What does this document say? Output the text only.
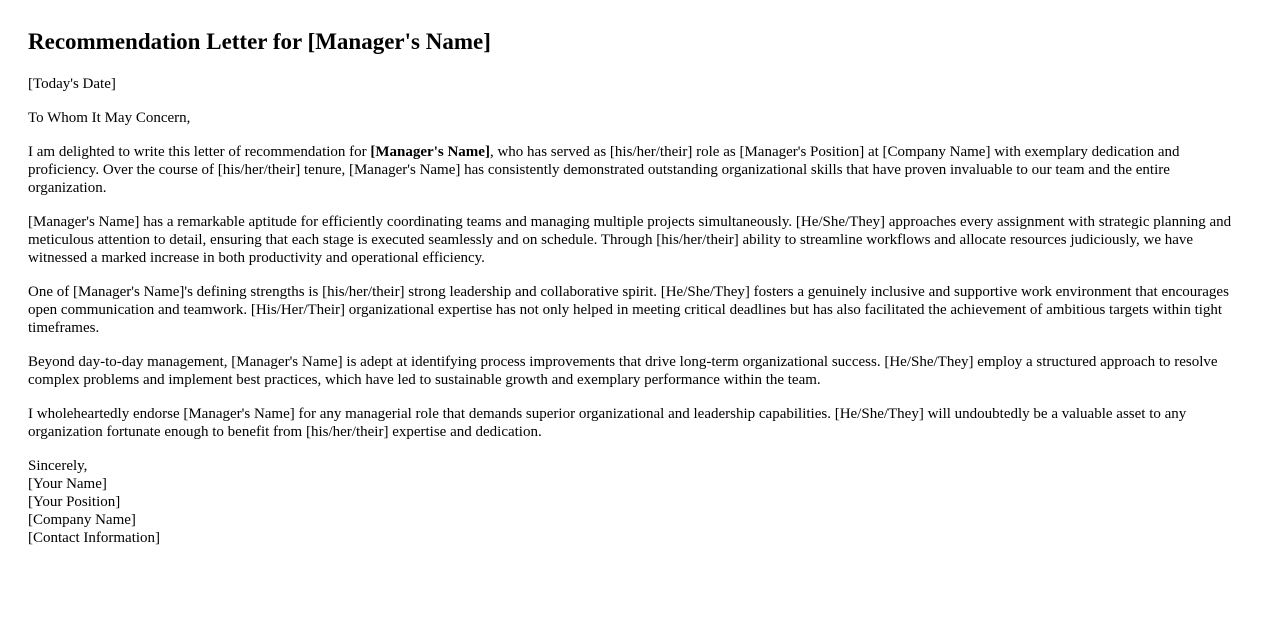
Recommendation Letter for [Manager's Name]

[Today's Date]

To Whom It May Concern,

I am delighted to write this letter of recommendation for [Manager's Name], who has served as [his/her/their] role as [Manager's Position] at [Company Name] with exemplary dedication and proficiency. Over the course of [his/her/their] tenure, [Manager's Name] has consistently demonstrated outstanding organizational skills that have proven invaluable to our team and the entire organization.

[Manager's Name] has a remarkable aptitude for efficiently coordinating teams and managing multiple projects simultaneously. [He/She/They] approaches every assignment with strategic planning and meticulous attention to detail, ensuring that each stage is executed seamlessly and on schedule. Through [his/her/their] ability to streamline workflows and allocate resources judiciously, we have witnessed a marked increase in both productivity and operational efficiency.

One of [Manager's Name]'s defining strengths is [his/her/their] strong leadership and collaborative spirit. [He/She/They] fosters a genuinely inclusive and supportive work environment that encourages open communication and teamwork. [His/Her/Their] organizational expertise has not only helped in meeting critical deadlines but has also facilitated the achievement of ambitious targets within tight timeframes.

Beyond day-to-day management, [Manager's Name] is adept at identifying process improvements that drive long-term organizational success. [He/She/They] employ a structured approach to resolve complex problems and implement best practices, which have led to sustainable growth and exemplary performance within the team.

I wholeheartedly endorse [Manager's Name] for any managerial role that demands superior organizational and leadership capabilities. [He/She/They] will undoubtedly be a valuable asset to any organization fortunate enough to benefit from [his/her/their] expertise and dedication.

Sincerely,
[Your Name]
[Your Position]
[Company Name]
[Contact Information]
